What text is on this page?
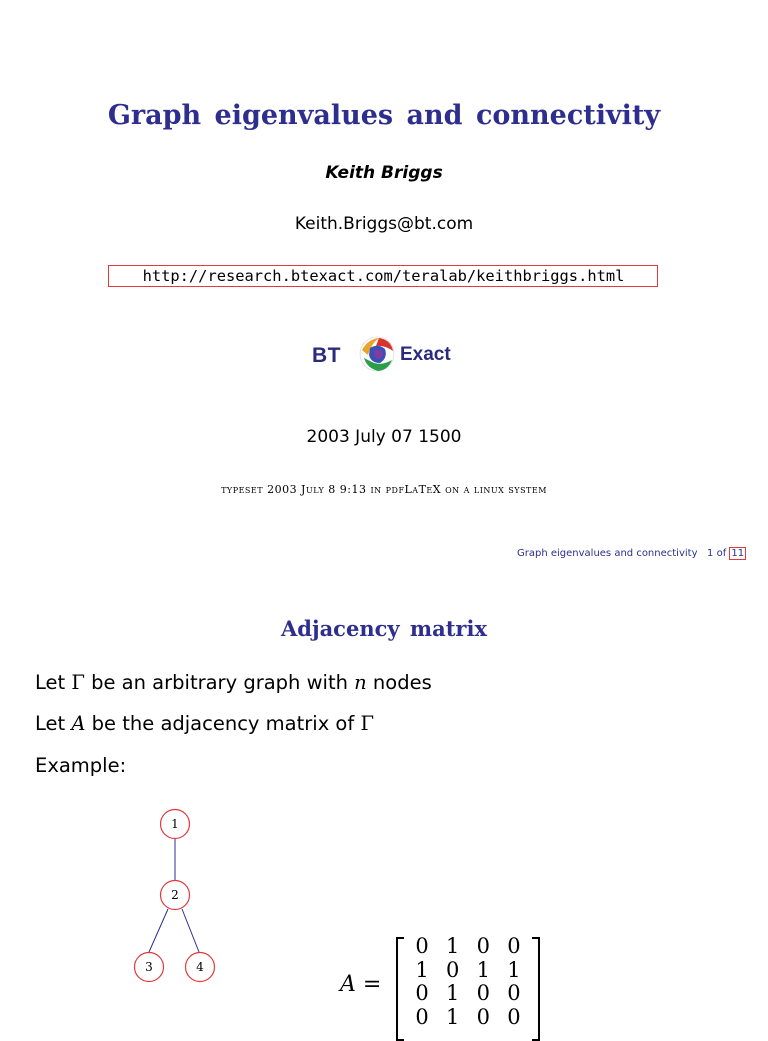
Graph eigenvalues and connectivity
Keith Briggs
Keith.Briggs@bt.com
http://research.btexact.com/teralab/keithbriggs.html
BT	Exact
2003 July 07 1500
typeset 2003 July 8 9:13 in pdfLaTeX on a linux system
Graph eigenvalues and connectivity 1 of 11
Adjacency matrix
Let Γ be an arbitrary graph with n nodes
Let A be the adjacency matrix of Γ
Example:
1
2
3	4
A =
0 1 0 0
1 0 1 1
0 1 0 0
0 1 0 0
